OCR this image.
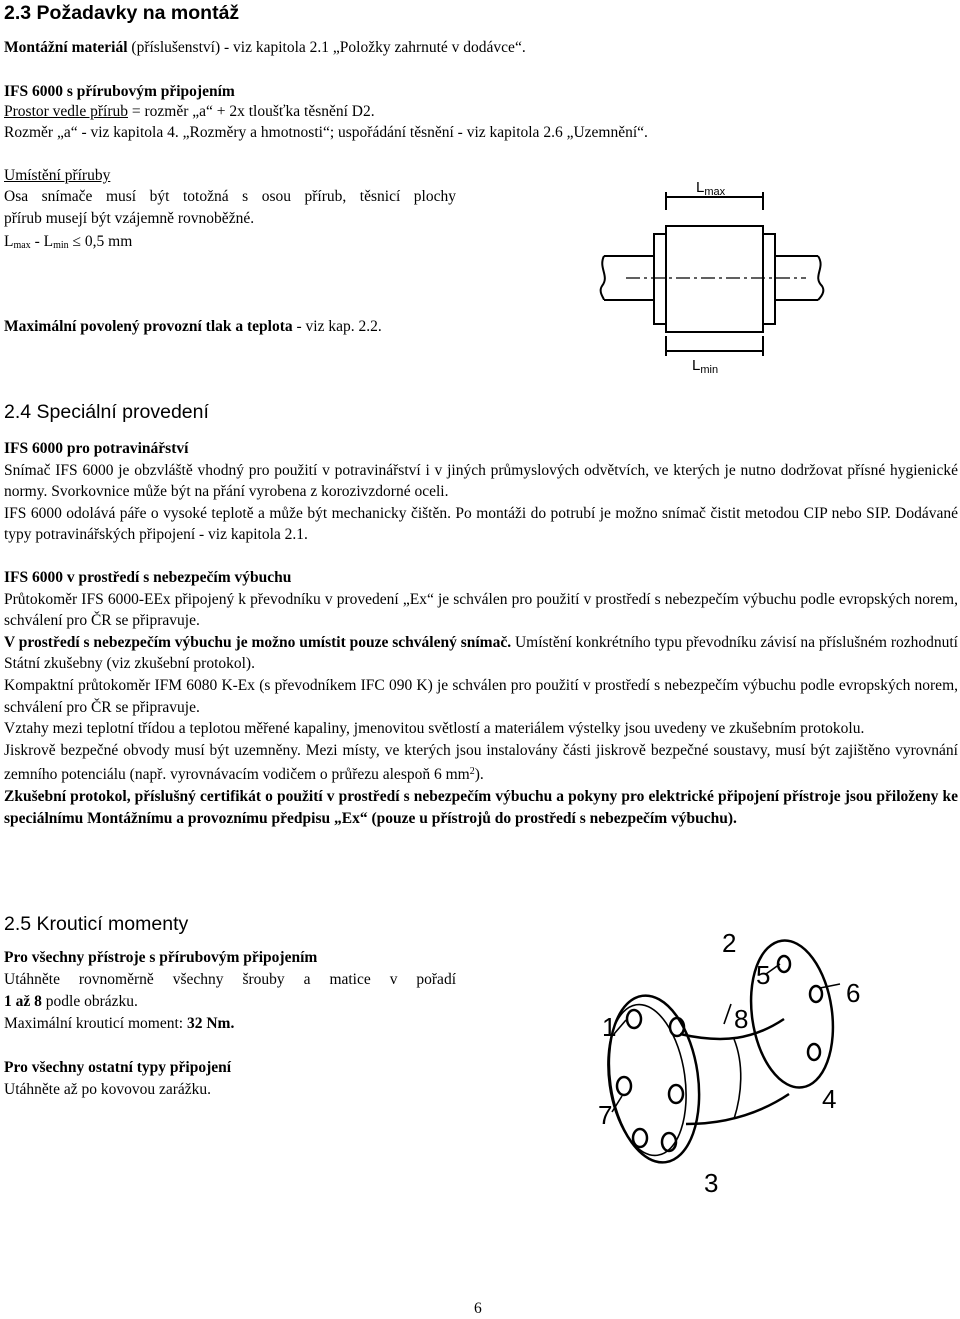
2.3 Požadavky na montáž
Montážní materiál (příslušenství) - viz kapitola 2.1 „Položky zahrnuté v dodávce“.
IFS 6000 s přírubovým připojením
Prostor vedle přírub = rozměr „a“ + 2x tloušťka těsnění D2.
Rozměr „a“ - viz kapitola 4. „Rozměry a hmotnosti“; uspořádání těsnění - viz kapitola 2.6 „Uzemnění“.
Umístění příruby
Osa snímače musí být totožná s osou přírub, těsnicí plochy
přírub musejí být vzájemně rovnoběžné.
$L_{max} - L_{min} \le 0,5$ mm
Maximální povolený provozní tlak a teplota - viz kap. 2.2.
$L_{max}$
$L_{min}$
2.4 Speciální provedení

IFS 6000 pro potravinářství

Snímač IFS 6000 je obzvláště vhodný pro použití v potravinářství i v jiných průmyslových odvětvích, ve kterých je nutno dodržovat přísné hygienické normy. Svorkovnice může být na přání vyrobena z korozivzdorné oceli.

IFS 6000 odolává páře o vysoké teplotě a může být mechanicky čištěn. Po montáži do potrubí je možno snímač čistit metodou CIP nebo SIP. Dodávané typy potravinářských připojení - viz kapitola 2.1.

IFS 6000 v prostředí s nebezpečím výbuchu

Průtokoměr IFS 6000-EEx připojený k převodníku v provedení „Ex“ je schválen pro použití v prostředí s nebezpečím výbuchu podle evropských norem, schválení pro ČR se připravuje.

V prostředí s nebezpečím výbuchu je možno umístit pouze schválený snímač. Umístění konkrétního typu převodníku závisí na příslušném rozhodnutí Státní zkušebny (viz zkušební protokol).

Kompaktní průtokoměr IFM 6080 K-Ex (s převodníkem IFC 090 K) je schválen pro použití v prostředí s nebezpečím výbuchu podle evropských norem, schválení pro ČR se připravuje.

Vztahy mezi teplotní třídou a teplotou měřené kapaliny, jmenovitou světlostí a materiálem výstelky jsou uvedeny ve zkušebním protokolu.

Jiskrově bezpečné obvody musí být uzemněny. Mezi místy, ve kterých jsou instalovány části jiskrově bezpečné soustavy, musí být zajištěno vyrovnání zemního potenciálu (např. vyrovnávacím vodičem o průřezu alespoň 6 $mm^2$).

Zkušební protokol, příslušný certifikát o použití v prostředí s nebezpečím výbuchu a pokyny pro elektrické připojení přístroje jsou přiloženy ke speciálnímu Montážnímu a provoznímu předpisu „Ex“ (pouze u přístrojů do prostředí s nebezpečím výbuchu).

2.5 Krouticí momenty
Pro všechny přístroje s přírubovým připojením
Utáhněte rovnoměrně všechny šrouby a matice v pořadí
1 až 8 podle obrázku.
Maximální krouticí moment: 32 Nm.
Pro všechny ostatní typy připojení
Utáhněte až po kovovou zarážku.
1
2
3
4
5
6
7
8
6
